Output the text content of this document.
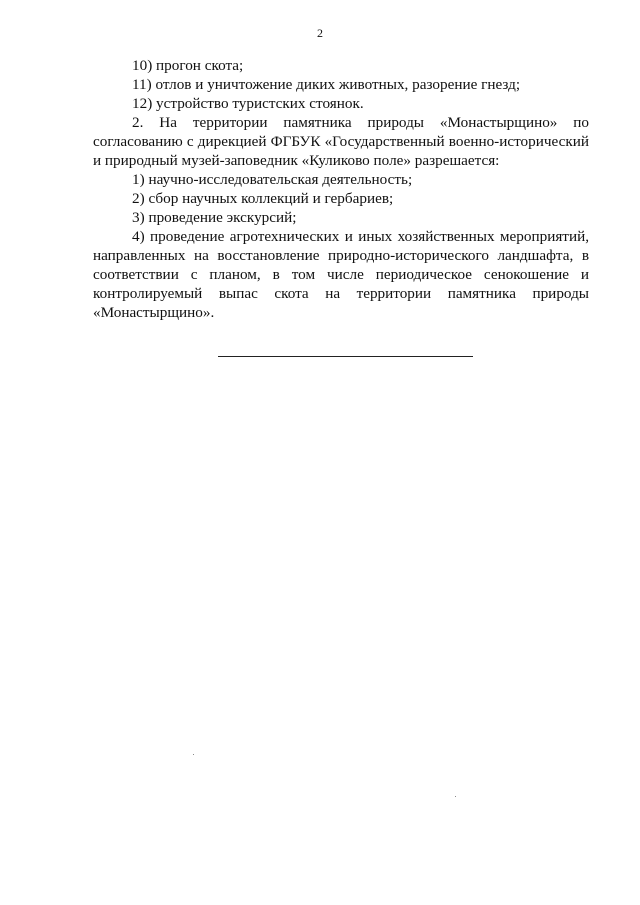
2

10) прогон скота;

11) отлов и уничтожение диких животных, разорение гнезд;

12) устройство туристских стоянок.

2. На территории памятника природы «Монастырщино» по согласованию с дирекцией ФГБУК «Государственный военно-исторический и природный музей-заповедник «Куликово поле» разрешается:

1) научно-исследовательская деятельность;

2) сбор научных коллекций и гербариев;

3) проведение экскурсий;

4) проведение агротехнических и иных хозяйственных мероприятий, направленных на восстановление природно-исторического ландшафта, в соответствии с планом, в том числе периодическое сенокошение и контролируемый выпас скота на территории памятника природы «Монастырщино».
